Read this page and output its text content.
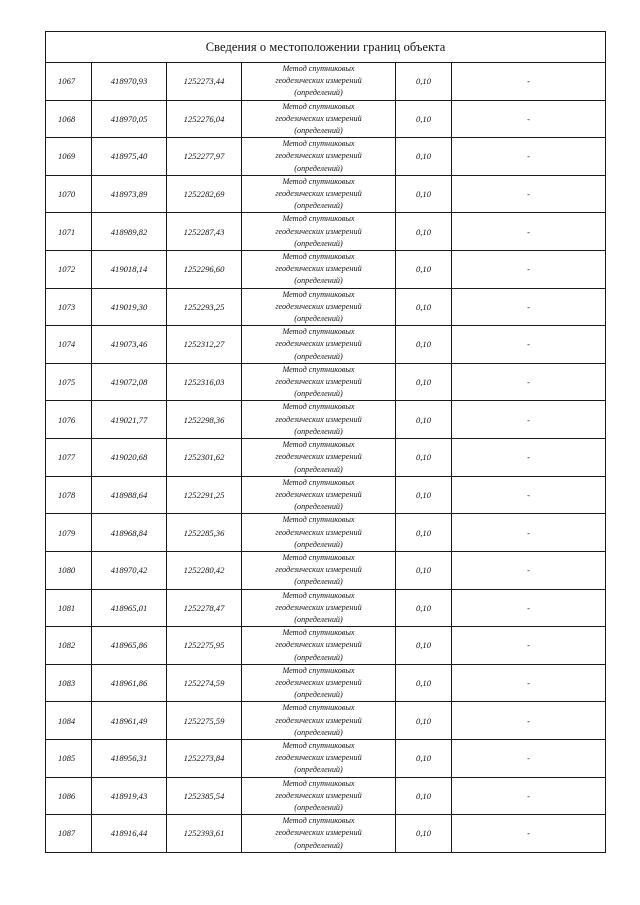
Сведения о местоположении границ объекта					
1067	418970,93	1252273,44	Метод спутниковых
геодезических измерений
(определений)	0,10	-
1068	418970,05	1252276,04	Метод спутниковых
геодезических измерений
(определений)	0,10	-
1069	418975,40	1252277,97	Метод спутниковых
геодезических измерений
(определений)	0,10	-
1070	418973,89	1252282,69	Метод спутниковых
геодезических измерений
(определений)	0,10	-
1071	418989,82	1252287,43	Метод спутниковых
геодезических измерений
(определений)	0,10	-
1072	419018,14	1252296,60	Метод спутниковых
геодезических измерений
(определений)	0,10	-
1073	419019,30	1252293,25	Метод спутниковых
геодезических измерений
(определений)	0,10	-
1074	419073,46	1252312,27	Метод спутниковых
геодезических измерений
(определений)	0,10	-
1075	419072,08	1252316,03	Метод спутниковых
геодезических измерений
(определений)	0,10	-
1076	419021,77	1252298,36	Метод спутниковых
геодезических измерений
(определений)	0,10	-
1077	419020,68	1252301,62	Метод спутниковых
геодезических измерений
(определений)	0,10	-
1078	418988,64	1252291,25	Метод спутниковых
геодезических измерений
(определений)	0,10	-
1079	418968,84	1252285,36	Метод спутниковых
геодезических измерений
(определений)	0,10	-
1080	418970,42	1252280,42	Метод спутниковых
геодезических измерений
(определений)	0,10	-
1081	418965,01	1252278,47	Метод спутниковых
геодезических измерений
(определений)	0,10	-
1082	418965,86	1252275,95	Метод спутниковых
геодезических измерений
(определений)	0,10	-
1083	418961,86	1252274,59	Метод спутниковых
геодезических измерений
(определений)	0,10	-
1084	418961,49	1252275,59	Метод спутниковых
геодезических измерений
(определений)	0,10	-
1085	418956,31	1252273,84	Метод спутниковых
геодезических измерений
(определений)	0,10	-
1086	418919,43	1252385,54	Метод спутниковых
геодезических измерений
(определений)	0,10	-
1087	418916,44	1252393,61	Метод спутниковых
геодезических измерений
(определений)	0,10	-
